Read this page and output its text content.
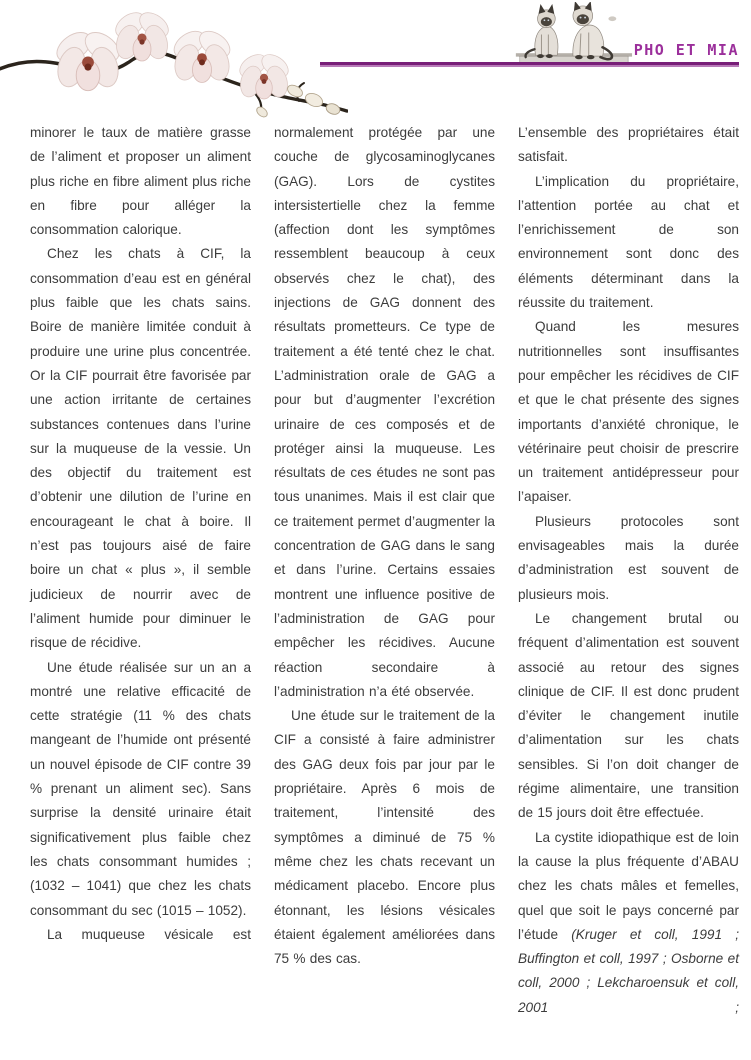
PHO ET MIA

minorer le taux de matière grasse de l’aliment et proposer un aliment plus riche en fibre aliment plus riche en fibre pour alléger la consommation calorique.

Chez les chats à CIF, la consommation d’eau est en général plus faible que les chats sains. Boire de manière limitée conduit à produire une urine plus concentrée. Or la CIF pourrait être favorisée par une action irritante de certaines substances contenues dans l’urine sur la muqueuse de la vessie. Un des objectif du traitement est d’obtenir une dilution de l’urine en encourageant le chat à boire. Il n’est pas toujours aisé de faire boire un chat « plus », il semble judicieux de nourrir avec de l’aliment humide pour diminuer le risque de récidive.

Une étude réalisée sur un an a montré une relative efficacité de cette stratégie (11 % des chats mangeant de l’humide ont présenté un nouvel épisode de CIF contre 39 % prenant un aliment sec). Sans surprise la densité urinaire était significativement plus faible chez les chats consommant humides ; (1032 – 1041) que chez les chats consommant du sec (1015 – 1052).

La muqueuse vésicale est

normalement protégée par une couche de glycosaminoglycanes (GAG). Lors de cystites intersistertielle chez la femme (affection dont les symptômes ressemblent beaucoup à ceux observés chez le chat), des injections de GAG donnent des résultats prometteurs. Ce type de traitement a été tenté chez le chat. L’administration orale de GAG a pour but d’augmenter l’excrétion urinaire de ces composés et de protéger ainsi la muqueuse. Les résultats de ces études ne sont pas tous unanimes. Mais il est clair que ce traitement permet d’augmenter la concentration de GAG dans le sang et dans l’urine. Certains essaies montrent une influence positive de l’administration de GAG pour empêcher les récidives. Aucune réaction secondaire à l’administration n’a été observée.

Une étude sur le traitement de la CIF a consisté à faire administrer des GAG deux fois par jour par le propriétaire. Après 6 mois de traitement, l’intensité des symptômes a diminué de 75 % même chez les chats recevant un médicament placebo. Encore plus étonnant, les lésions vésicales étaient également améliorées dans 75 % des cas.

L’ensemble des propriétaires était satisfait.

L’implication du propriétaire, l’attention portée au chat et l’enrichissement de son environnement sont donc des éléments déterminant dans la réussite du traitement.

Quand les mesures nutritionnelles sont insuffisantes pour empêcher les récidives de CIF et que le chat présente des signes importants d’anxiété chronique, le vétérinaire peut choisir de prescrire un traitement antidépresseur pour l’apaiser.

Plusieurs protocoles sont envisageables mais la durée d’administration est souvent de plusieurs mois.

Le changement brutal ou fréquent d’alimentation est souvent associé au retour des signes clinique de CIF. Il est donc prudent d’éviter le changement inutile d’alimentation sur les chats sensibles. Si l’on doit changer de régime alimentaire, une transition de 15 jours doit être effectuée.

La cystite idiopathique est de loin la cause la plus fréquente d’ABAU chez les chats mâles et femelles, quel que soit le pays concerné par l’étude (Kruger et coll, 1991 ; Buffington et coll, 1997 ; Osborne et coll, 2000 ; Lekcharoensuk et coll, 2001 ;
